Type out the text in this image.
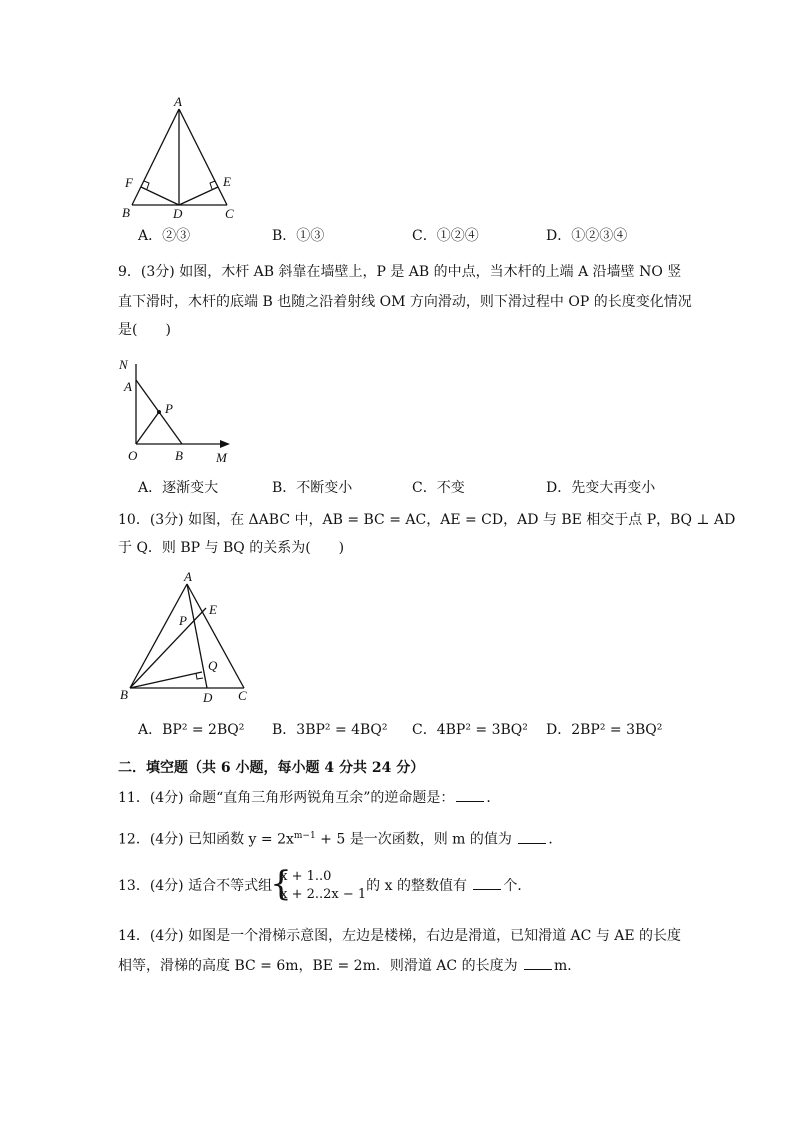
A
B	D	C
F	E
A．②③	B．①③	C．①②④	D．①②③④
9．(3分) 如图，木杆 AB 斜靠在墙壁上，P 是 AB 的中点，当木杆的上端 A 沿墙壁 NO 竖
直下滑时，木杆的底端 B 也随之沿着射线 OM 方向滑动，则下滑过程中 OP 的长度变化情况
是(　　)
N
A
P
O	B	M
A．逐渐变大	B．不断变小	C．不变	D．先变大再变小
10．(3分) 如图，在 ΔABC 中，AB = BC = AC，AE = CD，AD 与 BE 相交于点 P，BQ ⊥ AD
于 Q．则 BP 与 BQ 的关系为(　　)
A
E
P
Q
B	D C
A．BP² = 2BQ² B．3BP² = 4BQ² C．4BP² = 3BQ² D．2BP² = 3BQ²
二．填空题（共 6 小题，每小题 4 分共 24 分）
11．(4分) 命题“直角三角形两锐角互余”的逆命题是： ．
12．(4分) 已知函数 $y = 2x^{m-1} + 5$ 是一次函数，则 m 的值为 ．
13．(4分) 适合不等式组
{ x + 1..0
x + 2..2x − 1
的 x 的整数值有 个．
14．(4分) 如图是一个滑梯示意图，左边是楼梯，右边是滑道，已知滑道 AC 与 AE 的长度
相等，滑梯的高度 BC = 6m，BE = 2m．则滑道 AC 的长度为 m．
